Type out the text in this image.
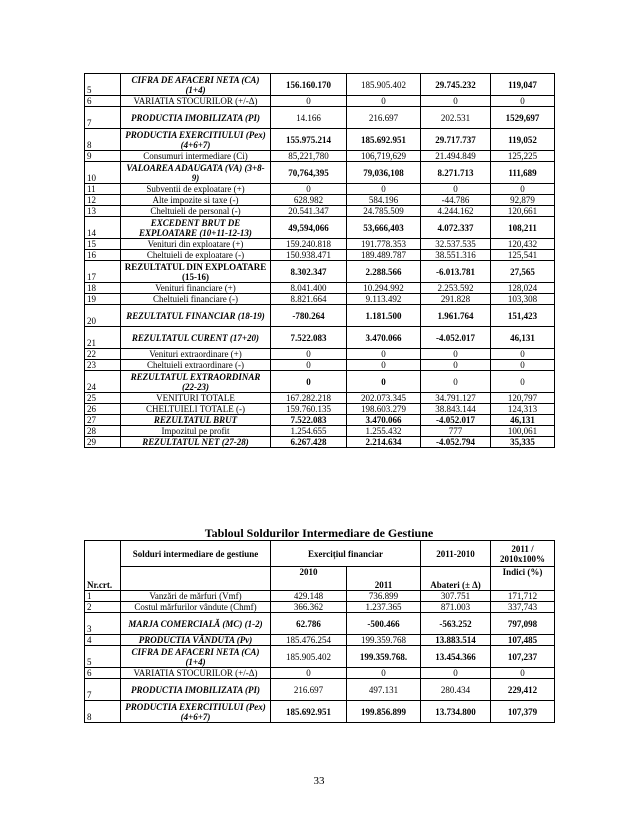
5	CIFRA DE AFACERI NETA (CA) (1+4)	156.160.170	185.905.402	29.745.232	119,047
6	VARIATIA STOCURILOR (+/-Δ)	0	0	0	0
7	PRODUCTIA IMOBILIZATA (PI)	14.166	216.697	202.531	1529,697
8	PRODUCTIA EXERCITIULUI (Pex) (4+6+7)	155.975.214	185.692.951	29.717.737	119,052
9	Consumuri intermediare (Ci)	85,221,780	106,719,629	21.494.849	125,225
10	VALOAREA ADAUGATA (VA) (3+8-9)	70,764,395	79,036,108	8.271.713	111,689
11	Subventii de exploatare (+)	0	0	0	0
12	Alte impozite si taxe (-)	628.982	584.196	-44.786	92,879
13	Cheltuieli de personal (-)	20.541.347	24.785.509	4.244.162	120,661
14	EXCEDENT BRUT DE EXPLOATARE (10+11-12-13)	49,594,066	53,666,403	4.072.337	108,211
15	Venituri din exploatare (+)	159.240.818	191.778.353	32.537.535	120,432
16	Cheltuieli de exploatare (-)	150.938.471	189.489.787	38.551.316	125,541
17	REZULTATUL DIN EXPLOATARE (15-16)	8.302.347	2.288.566	-6.013.781	27,565
18	Venituri financiare (+)	8.041.400	10.294.992	2.253.592	128,024
19	Cheltuieli financiare (-)	8.821.664	9.113.492	291.828	103,308
20	REZULTATUL FINANCIAR (18-19)	-780.264	1.181.500	1.961.764	151,423
21	REZULTATUL CURENT (17+20)	7.522.083	3.470.066	-4.052.017	46,131
22	Venituri extraordinare (+)	0	0	0	0
23	Cheltuieli extraordinare (-)	0	0	0	0
24	REZULTATUL EXTRAORDINAR (22-23)	0	0	0	0
25	VENITURI TOTALE	167.282.218	202.073.345	34.791.127	120,797
26	CHELTUIELI TOTALE (-)	159.760.135	198.603.279	38.843.144	124,313
27	REZULTATUL BRUT	7.522.083	3.470.066	-4.052.017	46,131
28	Impozitul pe profit	1.254.655	1.255.432	777	100,061
29	REZULTATUL NET (27-28)	6.267.428	2.214.634	-4.052.794	35,335
Tabloul Soldurilor Intermediare de Gestiune
Nr.crt.	Solduri intermediare de gestiune	Exercițiul financiar		2011-2010	2011 / 2010x100%
		2010	2011	Abateri (± Δ)	Indici (%)
1	Vanzări de mărfuri (Vmf)	429.148	736.899	307.751	171,712
2	Costul mărfurilor vândute (Chmf)	366.362	1.237.365	871.003	337,743
3	MARJA COMERCIALĂ (MC) (1-2)	62.786	-500.466	-563.252	797,098
4	PRODUCTIA VÂNDUTA (Pv)	185.476.254	199.359.768	13.883.514	107,485
5	CIFRA DE AFACERI NETA (CA) (1+4)	185.905.402	199.359.768.	13.454.366	107,237
6	VARIATIA STOCURILOR (+/-Δ)	0	0	0	0
7	PRODUCTIA IMOBILIZATA (PI)	216.697	497.131	280.434	229,412
8	PRODUCTIA EXERCITIULUI (Pex) (4+6+7)	185.692.951	199.856.899	13.734.800	107,379
33
